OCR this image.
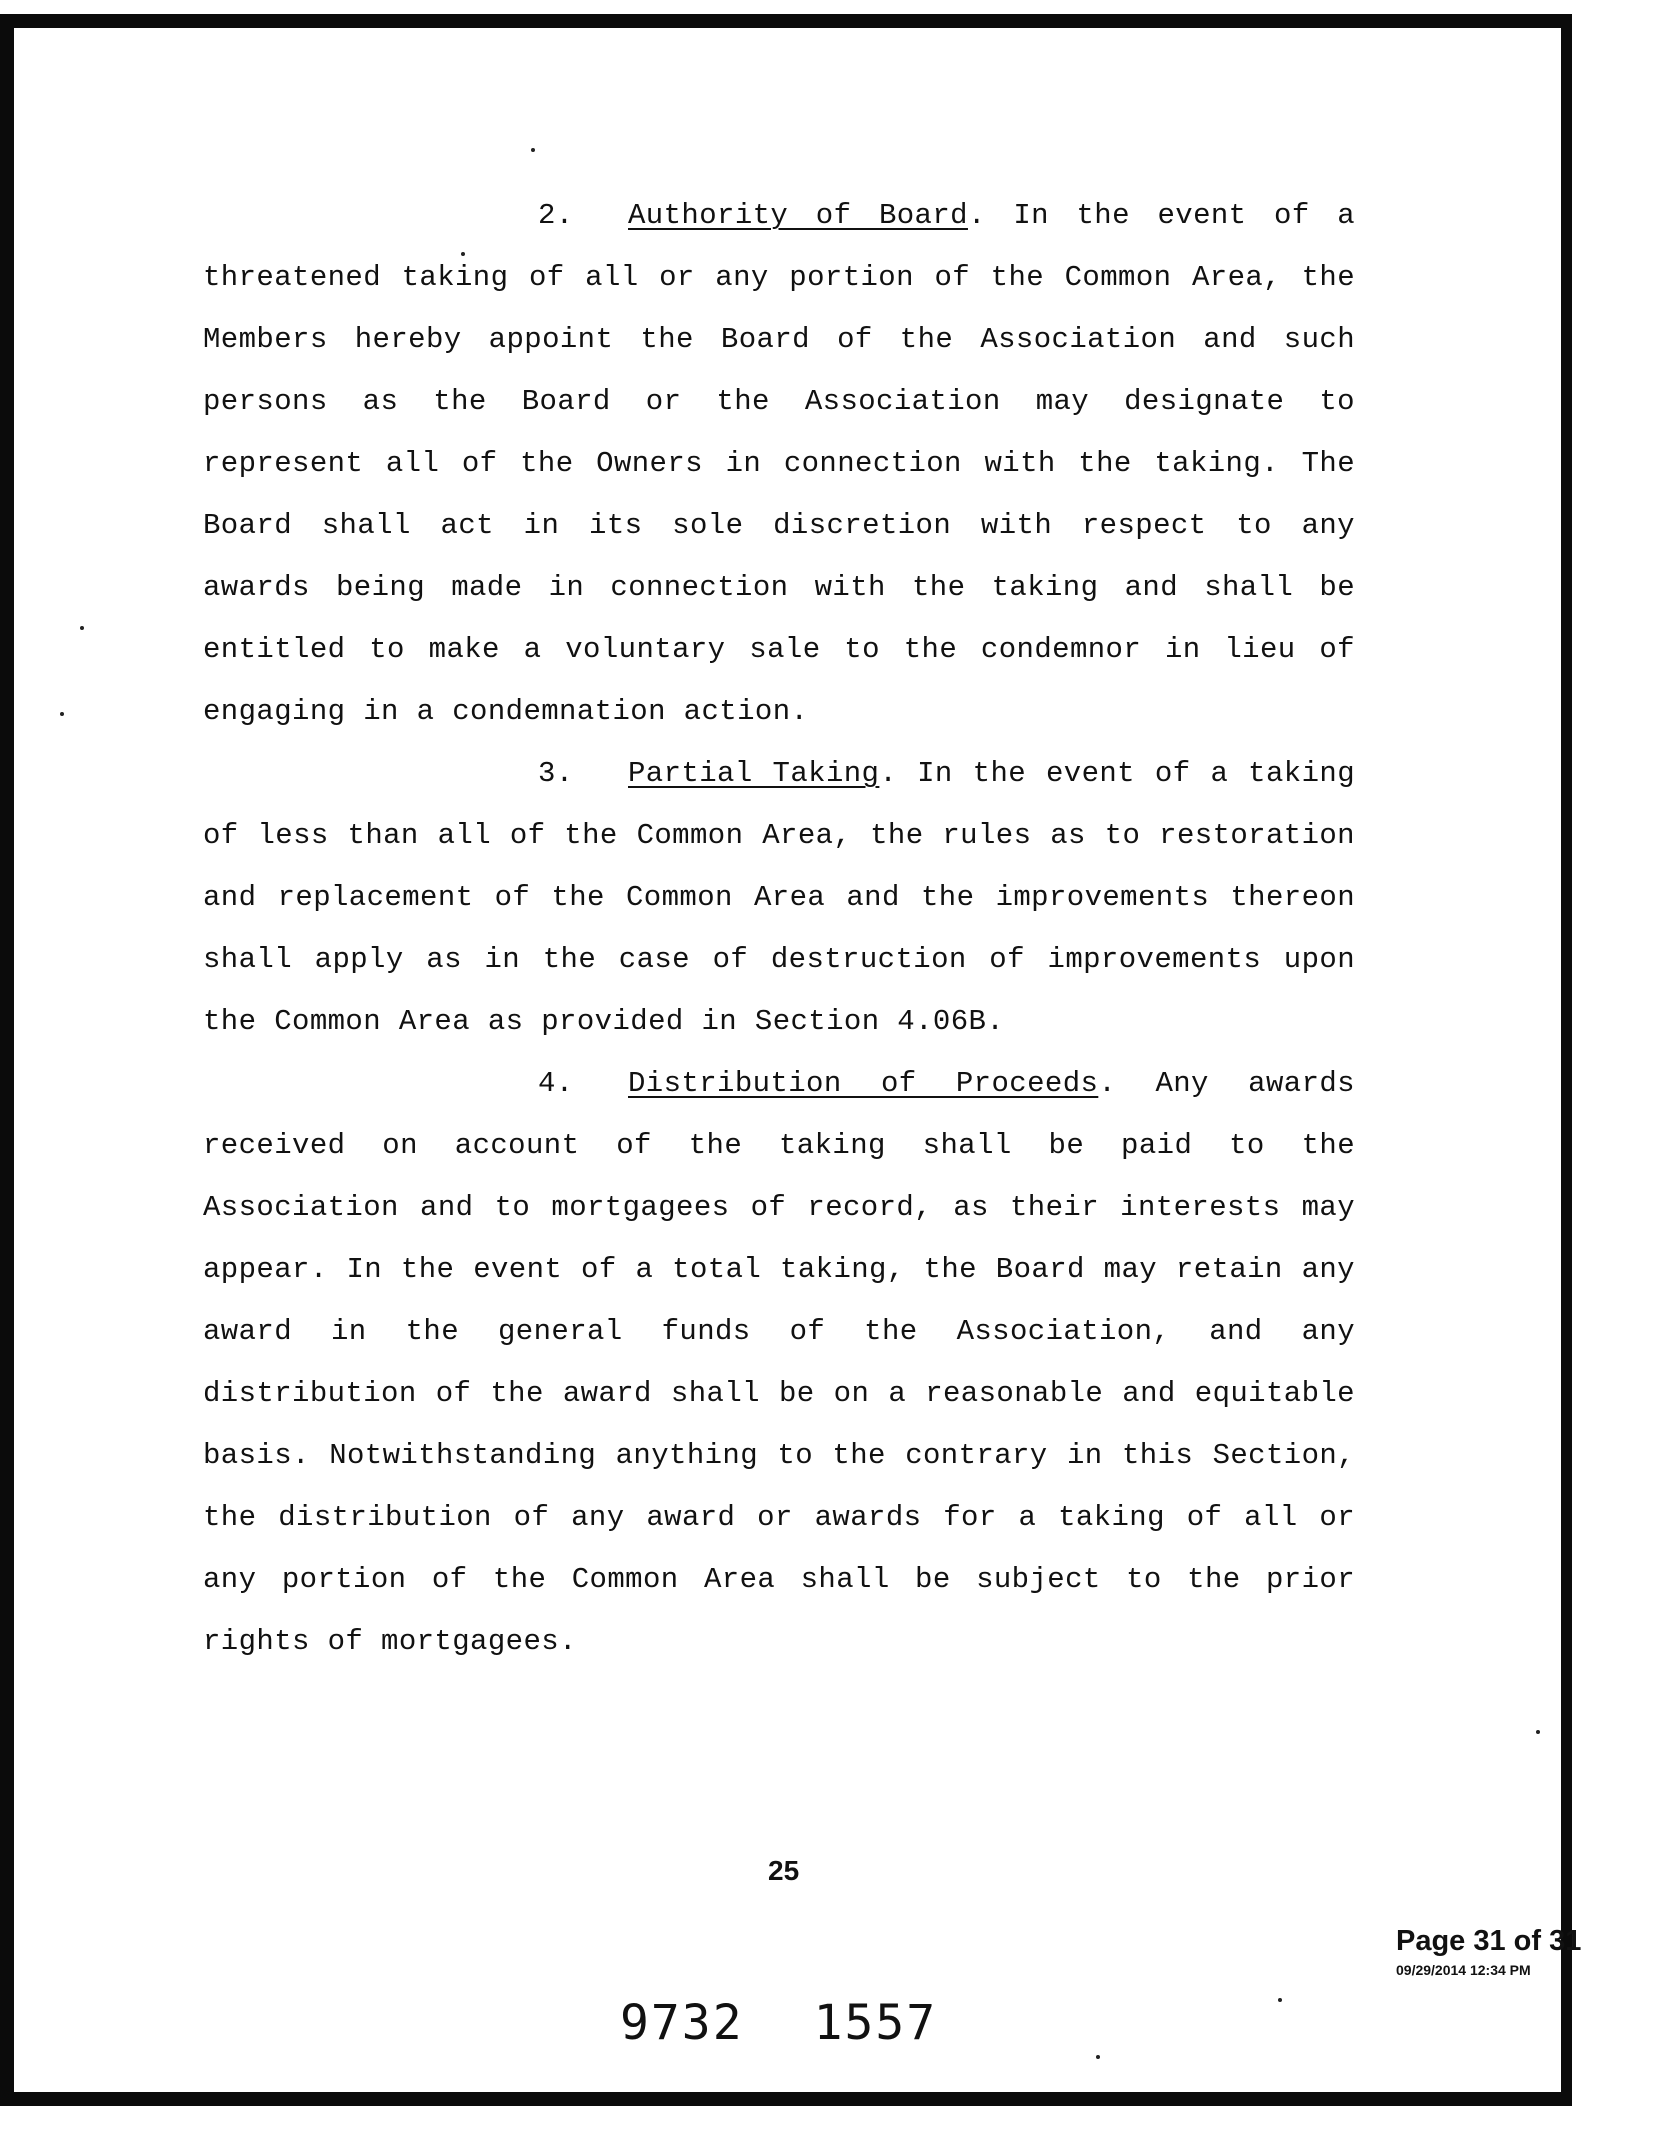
2. Authority of Board. In the event of a threatened taking of all or any portion of the Common Area, the Members hereby appoint the Board of the Association and such persons as the Board or the Association may designate to represent all of the Owners in connection with the taking. The Board shall act in its sole discretion with respect to any awards being made in connection with the taking and shall be entitled to make a voluntary sale to the condemnor in lieu of engaging in a condemnation action.

3. Partial Taking. In the event of a taking of less than all of the Common Area, the rules as to restoration and replacement of the Common Area and the improvements thereon shall apply as in the case of destruction of improvements upon the Common Area as provided in Section 4.06B.

4. Distribution of Proceeds. Any awards received on account of the taking shall be paid to the Association and to mortgagees of record, as their interests may appear. In the event of a total taking, the Board may retain any award in the general funds of the Association, and any distribution of the award shall be on a reasonable and equitable basis. Notwithstanding anything to the contrary in this Section, the distribution of any award or awards for a taking of all or any portion of the Common Area shall be subject to the prior rights of mortgagees.

25
Page 31 of 31
09/29/2014 12:34 PM
9732 1557
